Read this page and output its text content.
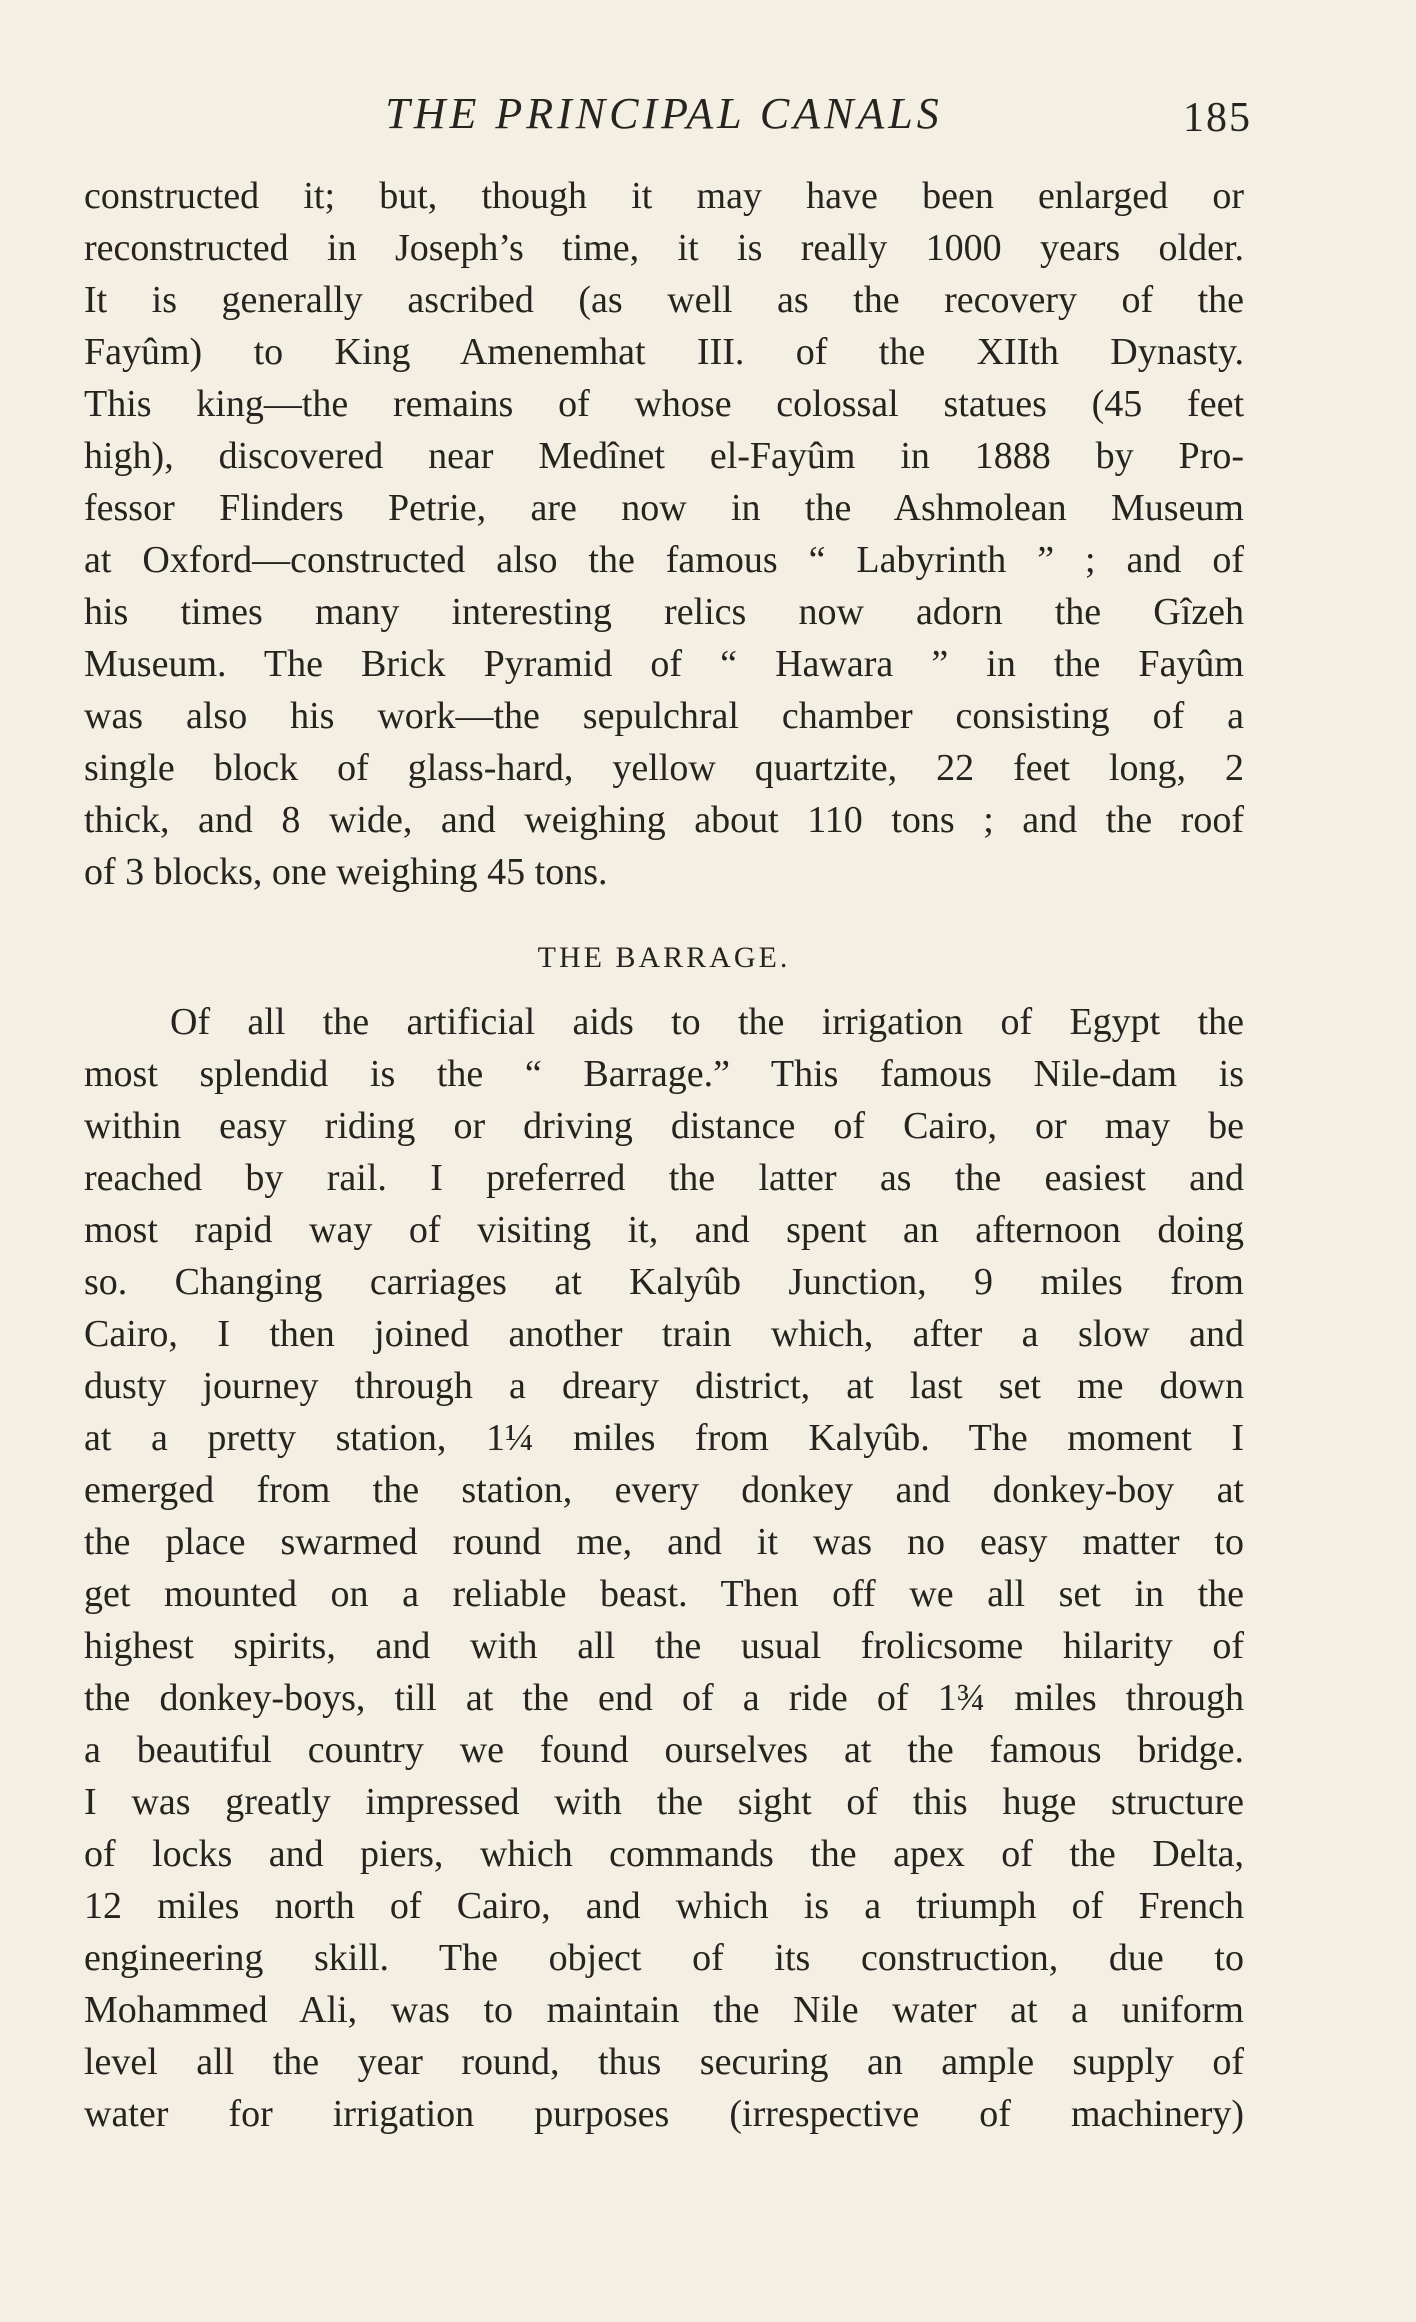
THE PRINCIPAL CANALS	185
constructed it; but, though it may have been enlarged or
reconstructed in Joseph’s time, it is really 1000 years older.
It is generally ascribed (as well as the recovery of the
Fayûm) to King Amenemhat III. of the XIIth Dynasty.
This king—the remains of whose colossal statues (45 feet
high), discovered near Medînet el-Fayûm in 1888 by Pro-
fessor Flinders Petrie, are now in the Ashmolean Museum
at Oxford—constructed also the famous “ Labyrinth ” ; and of
his times many interesting relics now adorn the Gîzeh
Museum. The Brick Pyramid of “ Hawara ” in the Fayûm
was also his work—the sepulchral chamber consisting of a
single block of glass-hard, yellow quartzite, 22 feet long, 2
thick, and 8 wide, and weighing about 110 tons ; and the roof
of 3 blocks, one weighing 45 tons.
THE BARRAGE.
Of all the artificial aids to the irrigation of Egypt the
most splendid is the “ Barrage.” This famous Nile-dam is
within easy riding or driving distance of Cairo, or may be
reached by rail. I preferred the latter as the easiest and
most rapid way of visiting it, and spent an afternoon doing
so. Changing carriages at Kalyûb Junction, 9 miles from
Cairo, I then joined another train which, after a slow and
dusty journey through a dreary district, at last set me down
at a pretty station, 1¼ miles from Kalyûb. The moment I
emerged from the station, every donkey and donkey-boy at
the place swarmed round me, and it was no easy matter to
get mounted on a reliable beast. Then off we all set in the
highest spirits, and with all the usual frolicsome hilarity of
the donkey-boys, till at the end of a ride of 1¾ miles through
a beautiful country we found ourselves at the famous bridge.
I was greatly impressed with the sight of this huge structure
of locks and piers, which commands the apex of the Delta,
12 miles north of Cairo, and which is a triumph of French
engineering skill. The object of its construction, due to
Mohammed Ali, was to maintain the Nile water at a uniform
level all the year round, thus securing an ample supply of
water for irrigation purposes (irrespective of machinery)
